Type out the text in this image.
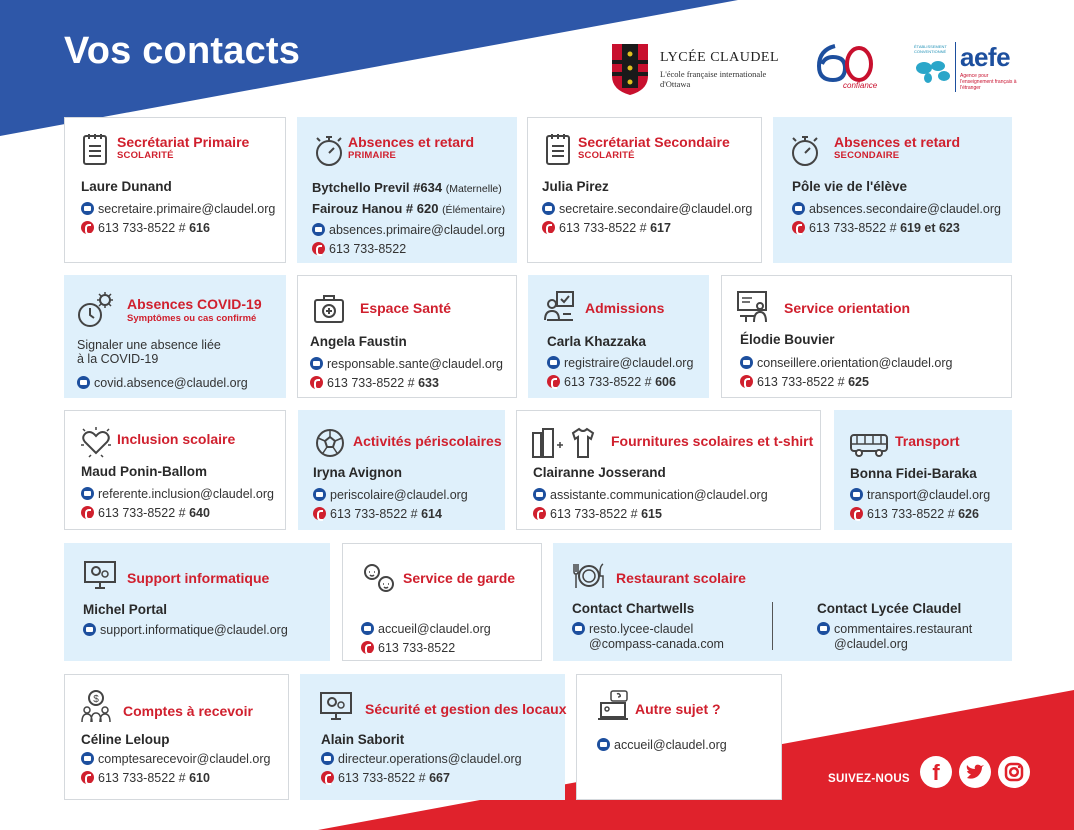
Vos contacts	LYCÉE CLAUDEL
L'école française internationale d'Ottawa	confiance
ÉTABLISSEMENT CONVENTIONNÉ aefe
Agence pour l'enseignement français à l'étranger
Secrétariat Primaire
SCOLARITÉ
Laure Dunand
secretaire.primaire@claudel.org
613 733-8522 # 616
Absences et retard
PRIMAIRE
Bytchello Previl #634 (Maternelle)
Fairouz Hanou # 620 (Élémentaire)
absences.primaire@claudel.org
613 733-8522
Secrétariat Secondaire
SCOLARITÉ
Julia Pirez
secretaire.secondaire@claudel.org
613 733-8522 # 617
Absences et retard
SECONDAIRE
Pôle vie de l'élève
absences.secondaire@claudel.org
613 733-8522 # 619 et 623
Absences COVID-19
Symptômes ou cas confirmé
Signaler une absence liée à la COVID-19
covid.absence@claudel.org
Espace Santé
Angela Faustin
responsable.sante@claudel.org
613 733-8522 # 633
Admissions
Carla Khazzaka
registraire@claudel.org
613 733-8522 # 606
Service orientation
Élodie Bouvier
conseillere.orientation@claudel.org
613 733-8522 # 625
Inclusion scolaire
Maud Ponin-Ballom
referente.inclusion@claudel.org
613 733-8522 # 640
Activités périscolaires
Iryna Avignon
periscolaire@claudel.org
613 733-8522 # 614
Fournitures scolaires et t-shirt
Clairanne Josserand
assistante.communication@claudel.org
613 733-8522 # 615
Transport
Bonna Fidei-Baraka
transport@claudel.org
613 733-8522 # 626
Support informatique
Michel Portal
support.informatique@claudel.org
Service de garde
accueil@claudel.org
613 733-8522
Restaurant scolaire
Contact Chartwells
resto.lycee-claudel
@compass-canada.com
Contact Lycée Claudel
commentaires.restaurant
@claudel.org
$
Comptes à recevoir
Céline Leloup
comptesarecevoir@claudel.org
613 733-8522 # 610
Sécurité et gestion des locaux
Alain Saborit
directeur.operations@claudel.org
613 733-8522 # 667
Autre sujet ?
accueil@claudel.org
SUIVEZ-NOUS f
